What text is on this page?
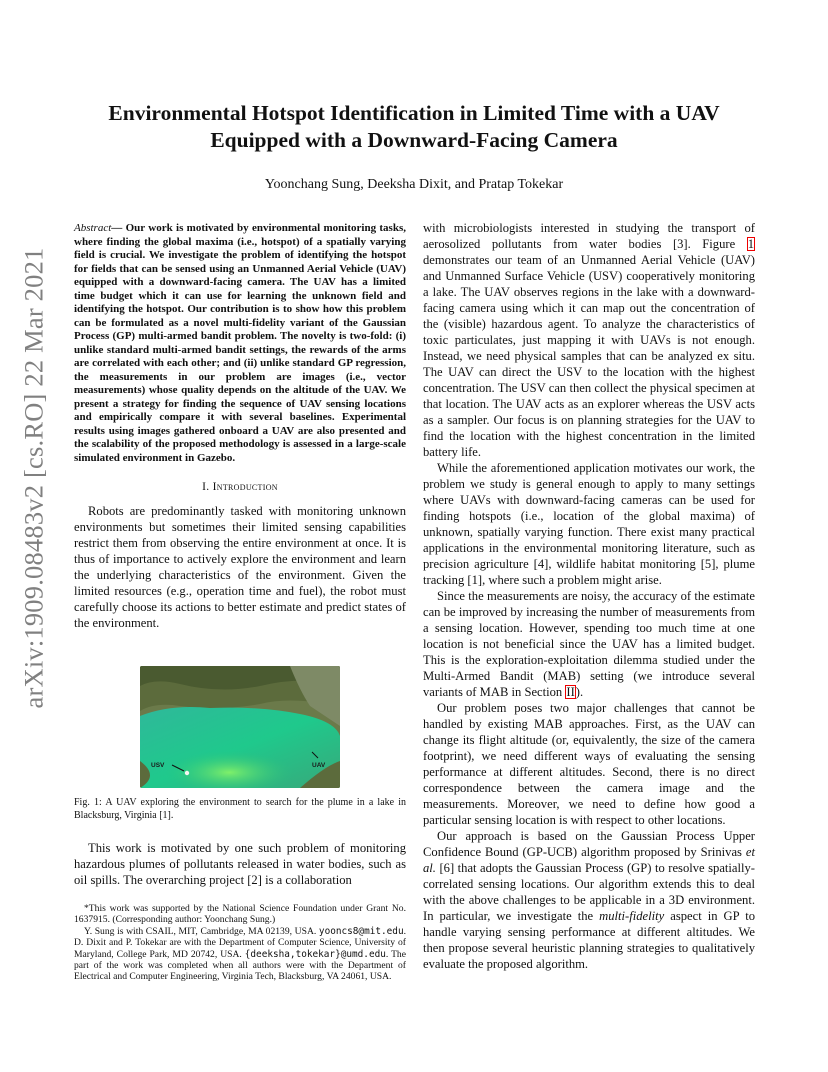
arXiv:1909.08483v2 [cs.RO] 22 Mar 2021
Environmental Hotspot Identification in Limited Time with a UAV Equipped with a Downward-Facing Camera
Yoonchang Sung, Deeksha Dixit, and Pratap Tokekar
Abstract— Our work is motivated by environmental monitoring tasks, where finding the global maxima (i.e., hotspot) of a spatially varying field is crucial. We investigate the problem of identifying the hotspot for fields that can be sensed using an Unmanned Aerial Vehicle (UAV) equipped with a downward-facing camera. The UAV has a limited time budget which it can use for learning the unknown field and identifying the hotspot. Our contribution is to show how this problem can be formulated as a novel multi-fidelity variant of the Gaussian Process (GP) multi-armed bandit problem. The novelty is two-fold: (i) unlike standard multi-armed bandit settings, the rewards of the arms are correlated with each other; and (ii) unlike standard GP regression, the measurements in our problem are images (i.e., vector measurements) whose quality depends on the altitude of the UAV. We present a strategy for finding the sequence of UAV sensing locations and empirically compare it with several baselines. Experimental results using images gathered onboard a UAV are also presented and the scalability of the proposed methodology is assessed in a large-scale simulated environment in Gazebo.
I. Introduction
Robots are predominantly tasked with monitoring unknown environments but sometimes their limited sensing capabilities restrict them from observing the entire environment at once. It is thus of importance to actively explore the environment and learn the underlying characteristics of the environment. Given the limited resources (e.g., operation time and fuel), the robot must carefully choose its actions to better estimate and predict states of the environment.
USV	UAV
Fig. 1: A UAV exploring the environment to search for the plume in a lake in Blacksburg, Virginia [1].
This work is motivated by one such problem of monitoring hazardous plumes of pollutants released in water bodies, such as oil spills. The overarching project [2] is a collaboration

*This work was supported by the National Science Foundation under Grant No. 1637915. (Corresponding author: Yoonchang Sung.)

Y. Sung is with CSAIL, MIT, Cambridge, MA 02139, USA. yooncs8@mit.edu. D. Dixit and P. Tokekar are with the Department of Computer Science, University of Maryland, College Park, MD 20742, USA. {deeksha,tokekar}@umd.edu. The part of the work was completed when all authors were with the Department of Electrical and Computer Engineering, Virginia Tech, Blacksburg, VA 24061, USA.

with microbiologists interested in studying the transport of aerosolized pollutants from water bodies [3]. Figure 1 demonstrates our team of an Unmanned Aerial Vehicle (UAV) and Unmanned Surface Vehicle (USV) cooperatively monitoring a lake. The UAV observes regions in the lake with a downward-facing camera using which it can map out the concentration of the (visible) hazardous agent. To analyze the characteristics of toxic particulates, just mapping it with UAVs is not enough. Instead, we need physical samples that can be analyzed ex situ. The UAV can direct the USV to the location with the highest concentration. The USV can then collect the physical specimen at that location. The UAV acts as an explorer whereas the USV acts as a sampler. Our focus is on planning strategies for the UAV to find the location with the highest concentration in the limited battery life.

While the aforementioned application motivates our work, the problem we study is general enough to apply to many settings where UAVs with downward-facing cameras can be used for finding hotspots (i.e., location of the global maxima) of unknown, spatially varying function. There exist many practical applications in the environmental monitoring literature, such as precision agriculture [4], wildlife habitat monitoring [5], plume tracking [1], where such a problem might arise.

Since the measurements are noisy, the accuracy of the estimate can be improved by increasing the number of measurements from a sensing location. However, spending too much time at one location is not beneficial since the UAV has a limited budget. This is the exploration-exploitation dilemma studied under the Multi-Armed Bandit (MAB) setting (we introduce several variants of MAB in Section II).

Our problem poses two major challenges that cannot be handled by existing MAB approaches. First, as the UAV can change its flight altitude (or, equivalently, the size of the camera footprint), we need different ways of evaluating the sensing performance at different altitudes. Second, there is no direct correspondence between the camera image and the measurements. Moreover, we need to define how good a particular sensing location is with respect to other locations.

Our approach is based on the Gaussian Process Upper Confidence Bound (GP-UCB) algorithm proposed by Srinivas et al. [6] that adopts the Gaussian Process (GP) to resolve spatially-correlated sensing locations. Our algorithm extends this to deal with the above challenges to be applicable in a 3D environment. In particular, we investigate the multi-fidelity aspect in GP to handle varying sensing performance at different altitudes. We then propose several heuristic planning strategies to qualitatively evaluate the proposed algorithm.
